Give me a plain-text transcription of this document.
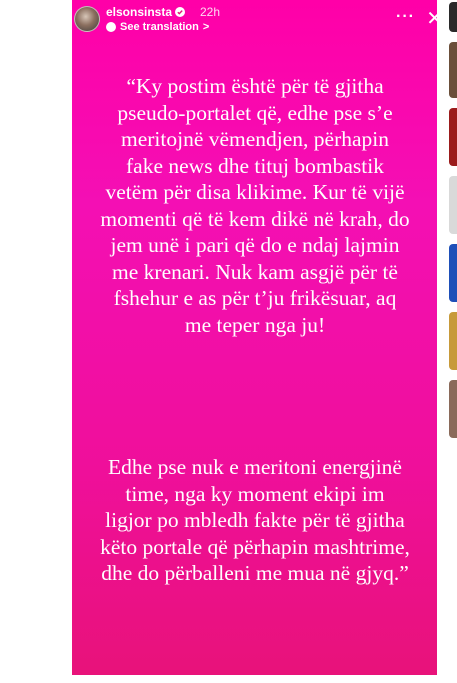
elsonsinsta	22h
See translation >
··· ✕
“Ky postim është për të gjitha pseudo-portalet që, edhe pse s’e meritojnë vëmendjen, përhapin fake news dhe tituj bombastik vetëm për disa klikime. Kur të vijë momenti që të kem dikë në krah, do jem unë i pari që do e ndaj lajmin me krenari. Nuk kam asgjë për të fshehur e as për t’ju frikësuar, aq me teper nga ju!
Edhe pse nuk e meritoni energjinë time, nga ky moment ekipi im ligjor po mbledh fakte për të gjitha këto portale që përhapin mashtrime, dhe do përballeni me mua në gjyq.”
